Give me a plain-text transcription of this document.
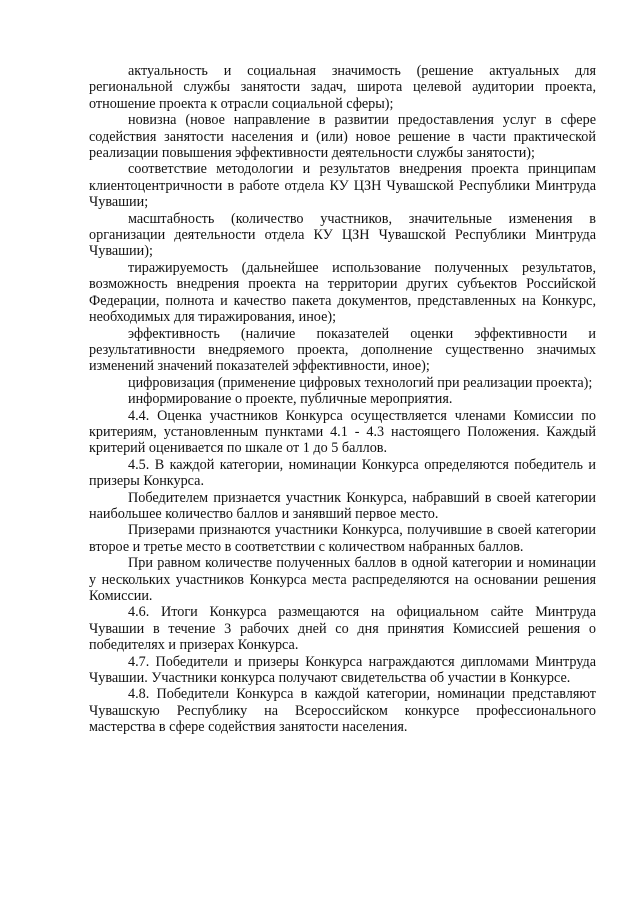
актуальность и социальная значимость (решение актуальных для региональной службы занятости задач, широта целевой аудитории проекта, отношение проекта к отрасли социальной сферы);

новизна (новое направление в развитии предоставления услуг в сфере содействия занятости населения и (или) новое решение в части практической реализации повышения эффективности деятельности службы занятости);

соответствие методологии и результатов внедрения проекта принципам клиентоцентричности в работе отдела КУ ЦЗН Чувашской Республики Минтруда Чувашии;

масштабность (количество участников, значительные изменения в организации деятельности отдела КУ ЦЗН Чувашской Республики Минтруда Чувашии);

тиражируемость (дальнейшее использование полученных результатов, возможность внедрения проекта на территории других субъектов Российской Федерации, полнота и качество пакета документов, представленных на Конкурс, необходимых для тиражирования, иное);

эффективность (наличие показателей оценки эффективности и результативности внедряемого проекта, дополнение существенно значимых изменений значений показателей эффективности, иное);

цифровизация (применение цифровых технологий при реализации проекта);

информирование о проекте, публичные мероприятия.

4.4. Оценка участников Конкурса осуществляется членами Комиссии по критериям, установленным пунктами 4.1 - 4.3 настоящего Положения. Каждый критерий оценивается по шкале от 1 до 5 баллов.

4.5. В каждой категории, номинации Конкурса определяются победитель и призеры Конкурса.

Победителем признается участник Конкурса, набравший в своей категории наибольшее количество баллов и занявший первое место.

Призерами признаются участники Конкурса, получившие в своей категории второе и третье место в соответствии с количеством набранных баллов.

При равном количестве полученных баллов в одной категории и номинации у нескольких участников Конкурса места распределяются на основании решения Комиссии.

4.6. Итоги Конкурса размещаются на официальном сайте Минтруда Чувашии в течение 3 рабочих дней со дня принятия Комиссией решения о победителях и призерах Конкурса.

4.7. Победители и призеры Конкурса награждаются дипломами Минтруда Чувашии. Участники конкурса получают свидетельства об участии в Конкурсе.

4.8. Победители Конкурса в каждой категории, номинации представляют Чувашскую Республику на Всероссийском конкурсе профессионального мастерства в сфере содействия занятости населения.
